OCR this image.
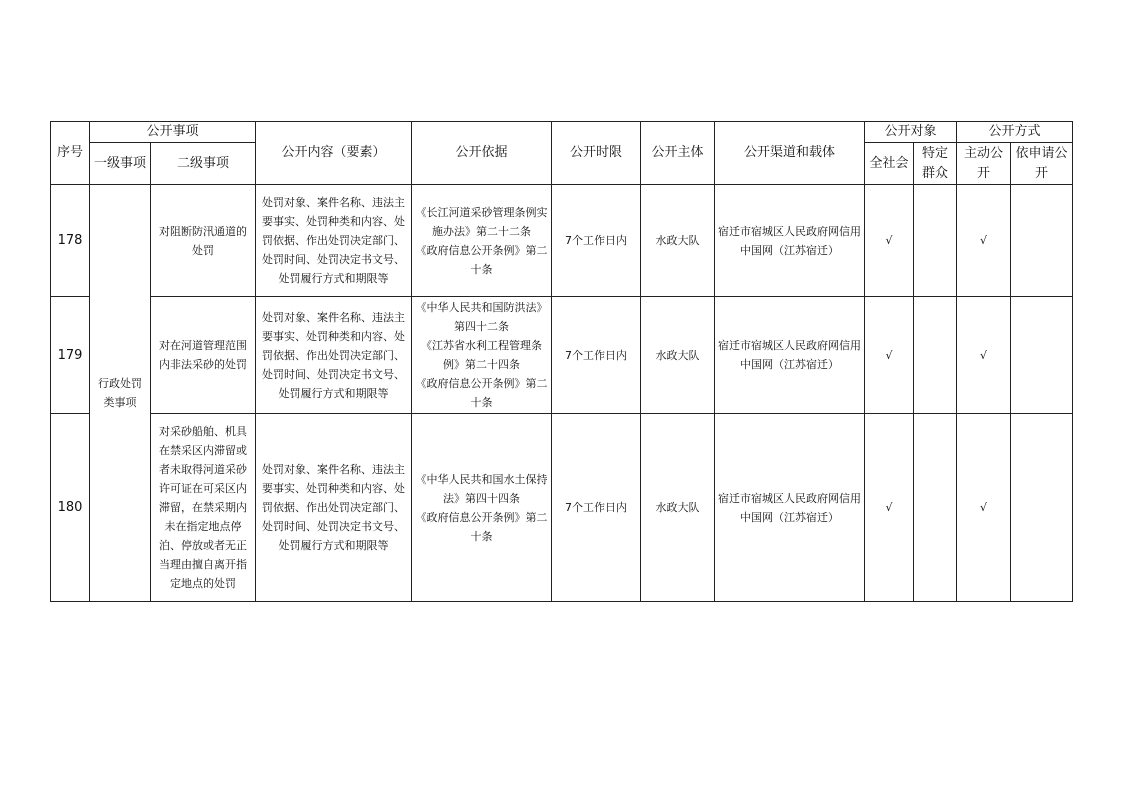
序号	公开事项		公开内容（要素）	公开依据	公开时限	公开主体	公开渠道和载体	公开对象		公开方式	
	一级事项	二级事项						全社会	特定群众	主动公开	依申请公开
178	行政处罚类事项	对阻断防汛通道的处罚	处罚对象、案件名称、违法主要事实、处罚种类和内容、处罚依据、作出处罚决定部门、处罚时间、处罚决定书文号、处罚履行方式和期限等	《长江河道采砂管理条例实施办法》第二十二条
《政府信息公开条例》第二十条	7个工作日内	水政大队	宿迁市宿城区人民政府网信用中国网（江苏宿迁）	√		√	
179		对在河道管理范围内非法采砂的处罚	处罚对象、案件名称、违法主要事实、处罚种类和内容、处罚依据、作出处罚决定部门、处罚时间、处罚决定书文号、处罚履行方式和期限等	《中华人民共和国防洪法》第四十二条
《江苏省水利工程管理条例》第二十四条
《政府信息公开条例》第二十条	7个工作日内	水政大队	宿迁市宿城区人民政府网信用中国网（江苏宿迁）	√		√	
180		对采砂船舶、机具在禁采区内滞留或者未取得河道采砂许可证在可采区内滞留，在禁采期内未在指定地点停泊、停放或者无正当理由擅自离开指定地点的处罚	处罚对象、案件名称、违法主要事实、处罚种类和内容、处罚依据、作出处罚决定部门、处罚时间、处罚决定书文号、处罚履行方式和期限等	《中华人民共和国水土保持法》第四十四条
《政府信息公开条例》第二十条	7个工作日内	水政大队	宿迁市宿城区人民政府网信用中国网（江苏宿迁）	√		√	
